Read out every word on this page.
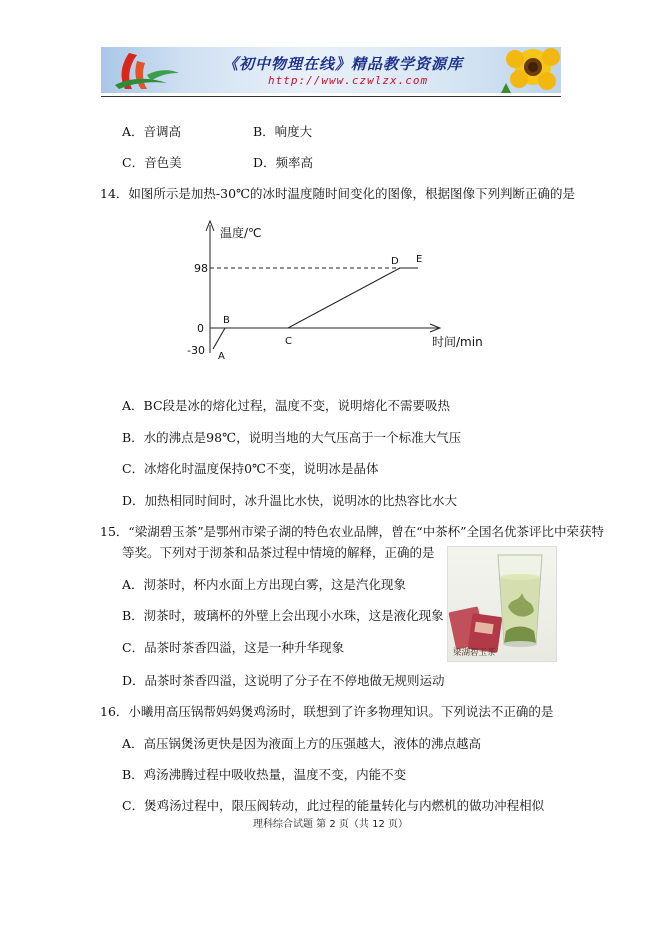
《初中物理在线》精品教学资源库
http://www.czwlzx.com
A．音调高	B．响度大
C．音色美	D．频率高
14．如图所示是加热-30℃的冰时温度随时间变化的图像，根据图像下列判断正确的是
温度/℃
时间/min
98
0
-30 A
B
C
D E
A．BC段是冰的熔化过程，温度不变，说明熔化不需要吸热
B．水的沸点是98℃，说明当地的大气压高于一个标准大气压
C．冰熔化时温度保持0℃不变，说明冰是晶体
D．加热相同时间时，冰升温比水快，说明冰的比热容比水大
15．“梁湖碧玉茶”是鄂州市梁子湖的特色农业品牌，曾在“中茶杯”全国名优茶评比中荣获特
等奖。下列对于沏茶和品茶过程中情境的解释，正确的是
梁湖碧玉茶
A．沏茶时，杯内水面上方出现白雾，这是汽化现象
B．沏茶时，玻璃杯的外壁上会出现小水珠，这是液化现象
C．品茶时茶香四溢，这是一种升华现象
D．品茶时茶香四溢，这说明了分子在不停地做无规则运动
16．小曦用高压锅帮妈妈煲鸡汤时，联想到了许多物理知识。下列说法不正确的是
A．高压锅煲汤更快是因为液面上方的压强越大，液体的沸点越高
B．鸡汤沸腾过程中吸收热量，温度不变，内能不变
C．煲鸡汤过程中，限压阀转动，此过程的能量转化与内燃机的做功冲程相似
理科综合试题 第 2 页（共 12 页）
